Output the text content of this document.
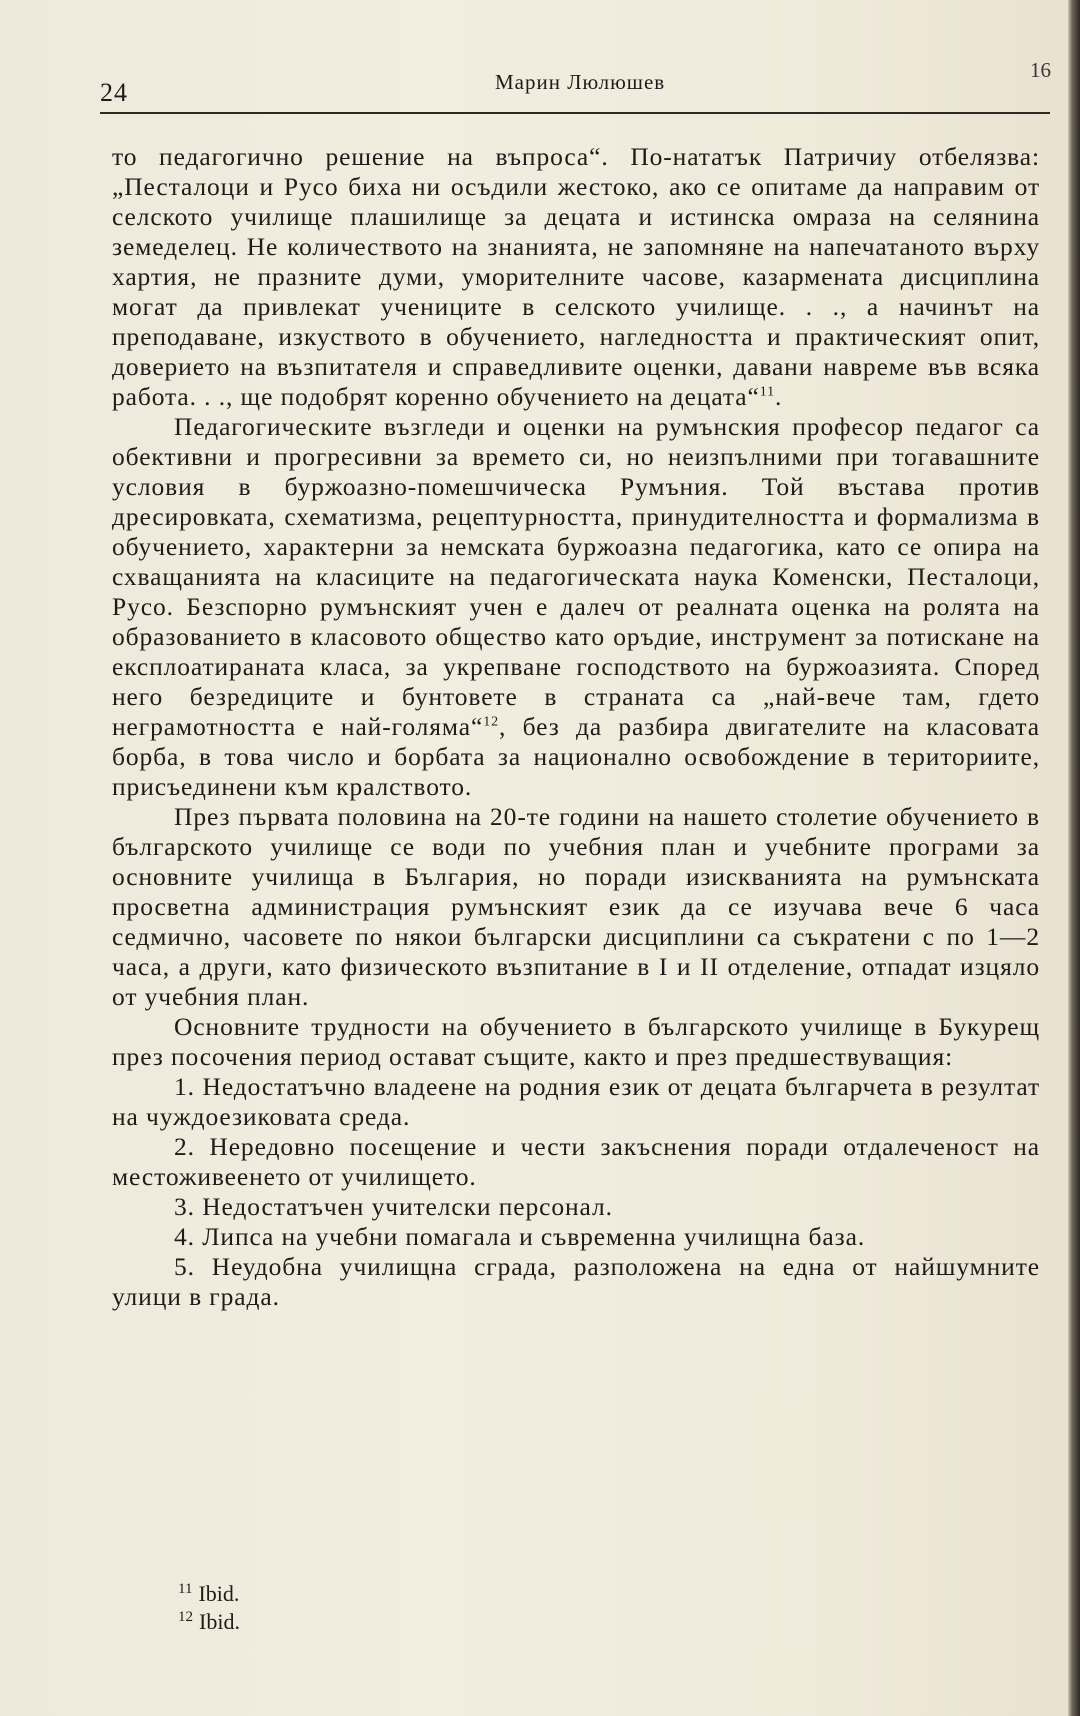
16
24	Марин Люлюшев

то педагогично решение на въпроса“. По-нататък Патричиу отбелязва: „Песталоци и Русо биха ни осъдили жестоко, ако се опитаме да направим от селското училище плашилище за децата и истинска омраза на селянина земеделец. Не количеството на знанията, не запомняне на напечатаното върху хартия, не празните думи, уморителните часове, казармената дисциплина могат да привлекат учениците в селското училище. . ., а начинът на преподаване, изкуството в обучението, нагледността и практическият опит, доверието на възпитателя и справедливите оценки, давани навреме във всяка работа. . ., ще подобрят коренно обучението на децата“$^{11}$.

Педагогическите възгледи и оценки на румънския професор педагог са обективни и прогресивни за времето си, но неизпълними при тогавашните условия в буржоазно-помешчическа Румъния. Той въстава против дресировката, схематизма, рецептурността, принудителността и формализма в обучението, характерни за немската буржоазна педагогика, като се опира на схващанията на класиците на педагогическата наука Коменски, Песталоци, Русо. Безспорно румънският учен е далеч от реалната оценка на ролята на образованието в класовото общество като оръдие, инструмент за потискане на експлоатираната класа, за укрепване господството на буржоазията. Според него безредиците и бунтовете в страната са „най-вече там, гдето неграмотността е най-голяма“$^{12}$, без да разбира двигателите на класовата борба, в това число и борбата за национално освобождение в териториите, присъединени към кралството.

През първата половина на 20-те години на нашето столетие обучението в българското училище се води по учебния план и учебните програми за основните училища в България, но поради изискванията на румънската просветна администрация румънският език да се изучава вече 6 часа седмично, часовете по някои български дисциплини са съкратени с по 1—2 часа, а други, като физическото възпитание в I и II отделение, отпадат изцяло от учебния план.

Основните трудности на обучението в българското училище в Букурещ през посочения период остават същите, както и през предшествуващия:

1. Недостатъчно владеене на родния език от децата българчета в резултат на чуждоезиковата среда.

2. Нередовно посещение и чести закъснения поради отдалеченост на местоживеенето от училището.

3. Недостатъчен учителски персонал.

4. Липса на учебни помагала и съвременна училищна база.

5. Неудобна училищна сграда, разположена на една от найшумните улици в града.

$^{11}$ Ibid.
$^{12}$ Ibid.
